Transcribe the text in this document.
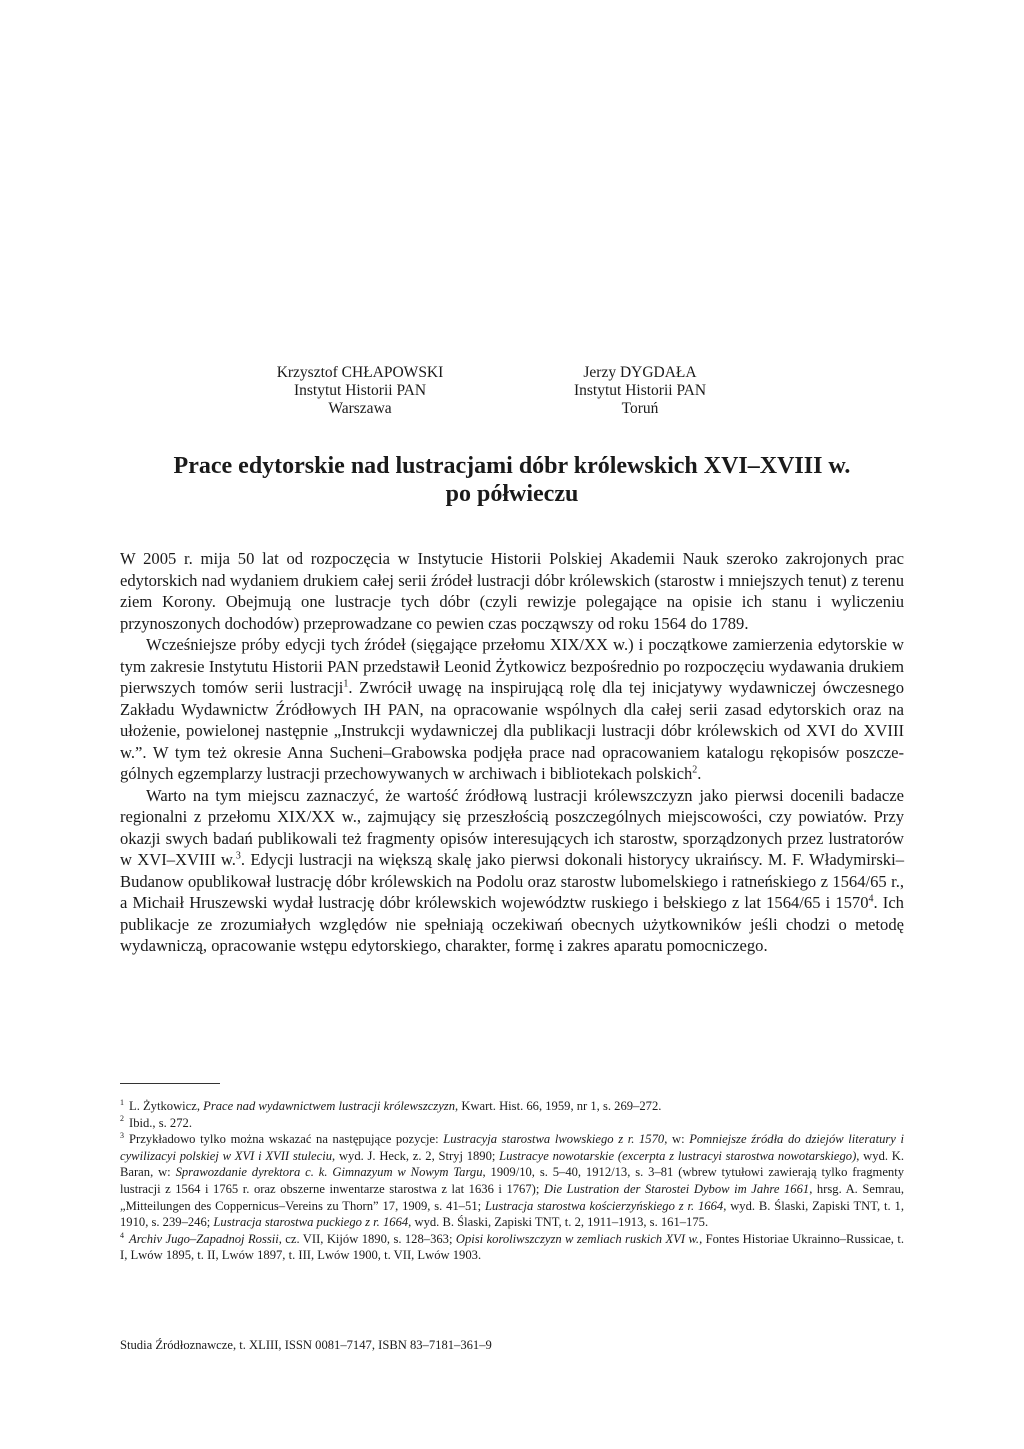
Krzysztof CHŁAPOWSKI
Instytut Historii PAN
Warszawa
Jerzy DYGDAŁA
Instytut Historii PAN
Toruń
Prace edytorskie nad lustracjami dóbr królewskich XVI–XVIII w.
po półwieczu

W 2005 r. mija 50 lat od rozpoczęcia w Instytucie Historii Polskiej Akademii Nauk szeroko zakrojonych prac edytorskich nad wydaniem drukiem całej serii źródeł lustracji dóbr królewskich (starostw i mniejszych tenut) z terenu ziem Korony. Obejmują one lustracje tych dóbr (czyli rewizje polegające na opisie ich stanu i wyliczeniu przynoszonych dochodów) przeprowadzane co pewien czas począwszy od roku 1564 do 1789.

Wcześniejsze próby edycji tych źródeł (sięgające przełomu XIX/XX w.) i początkowe zamierzenia edytorskie w tym zakresie Instytutu Historii PAN przedstawił Leonid Żytkowicz bezpośrednio po rozpoczęciu wydawania drukiem pierwszych tomów serii lustracji$^1$. Zwrócił uwagę na inspirującą rolę dla tej inicjatywy wydawniczej ówczesnego Zakładu Wydawnictw Źródłowych IH PAN, na opracowanie wspólnych dla całej serii zasad edytorskich oraz na ułożenie, powielonej następnie „Instrukcji wydawniczej dla publikacji lustracji dóbr królewskich od XVI do XVIII w.”. W tym też okresie Anna Sucheni–Grabowska podjęła prace nad opracowaniem katalogu rękopisów poszczególnych egzemplarzy lustracji przechowywanych w archiwach i bibliotekach polskich$^2$.

Warto na tym miejscu zaznaczyć, że wartość źródłową lustracji królewszczyzn jako pierwsi docenili badacze regionalni z przełomu XIX/XX w., zajmujący się przeszłością poszczególnych miejscowości, czy powiatów. Przy okazji swych badań publikowali też fragmenty opisów interesujących ich starostw, sporządzonych przez lustratorów w XVI–XVIII w.$^3$. Edycji lustracji na większą skalę jako pierwsi dokonali historycy ukraińscy. M. F. Władymirski–Budanow opublikował lustrację dóbr królewskich na Podolu oraz starostw lubomelskiego i ratneńskiego z 1564/65 r., a Michaił Hruszewski wydał lustrację dóbr królewskich województw ruskiego i bełskiego z lat 1564/65 i 1570$^4$. Ich publikacje ze zrozumiałych względów nie spełniają oczekiwań obecnych użytkowników jeśli chodzi o metodę wydawniczą, opracowanie wstępu edytorskiego, charakter, formę i zakres aparatu pomocniczego.

$^1$ L. Żytkowicz, Prace nad wydawnictwem lustracji królewszczyzn, Kwart. Hist. 66, 1959, nr 1, s. 269–272.

$^2$ Ibid., s. 272.

$^3$ Przykładowo tylko można wskazać na następujące pozycje: Lustracyja starostwa lwowskiego z r. 1570, w: Pomniejsze źródła do dziejów literatury i cywilizacyi polskiej w XVI i XVII stuleciu, wyd. J. Heck, z. 2, Stryj 1890; Lustracye nowotarskie (excerpta z lustracyi starostwa nowotarskiego), wyd. K. Baran, w: Sprawozdanie dyrektora c. k. Gimnazyum w Nowym Targu, 1909/10, s. 5–40, 1912/13, s. 3–81 (wbrew tytułowi zawierają tylko fragmenty lustracji z 1564 i 1765 r. oraz obszerne inwentarze starostwa z lat 1636 i 1767); Die Lustration der Starostei Dybow im Jahre 1661, hrsg. A. Semrau, „Mitteilungen des Coppernicus–Vereins zu Thorn” 17, 1909, s. 41–51; Lustracja starostwa kościerzyńskiego z r. 1664, wyd. B. Ślaski, Zapiski TNT, t. 1, 1910, s. 239–246; Lustracja starostwa puckiego z r. 1664, wyd. B. Ślaski, Zapiski TNT, t. 2, 1911–1913, s. 161–175.

$^4$ Archiv Jugo–Zapadnoj Rossii, cz. VII, Kijów 1890, s. 128–363; Opisi koroliwszczyzn w zemliach ruskich XVI w., Fontes Historiae Ukrainno–Russicae, t. I, Lwów 1895, t. II, Lwów 1897, t. III, Lwów 1900, t. VII, Lwów 1903.

Studia Źródłoznawcze, t. XLIII, ISSN 0081–7147, ISBN 83–7181–361–9
